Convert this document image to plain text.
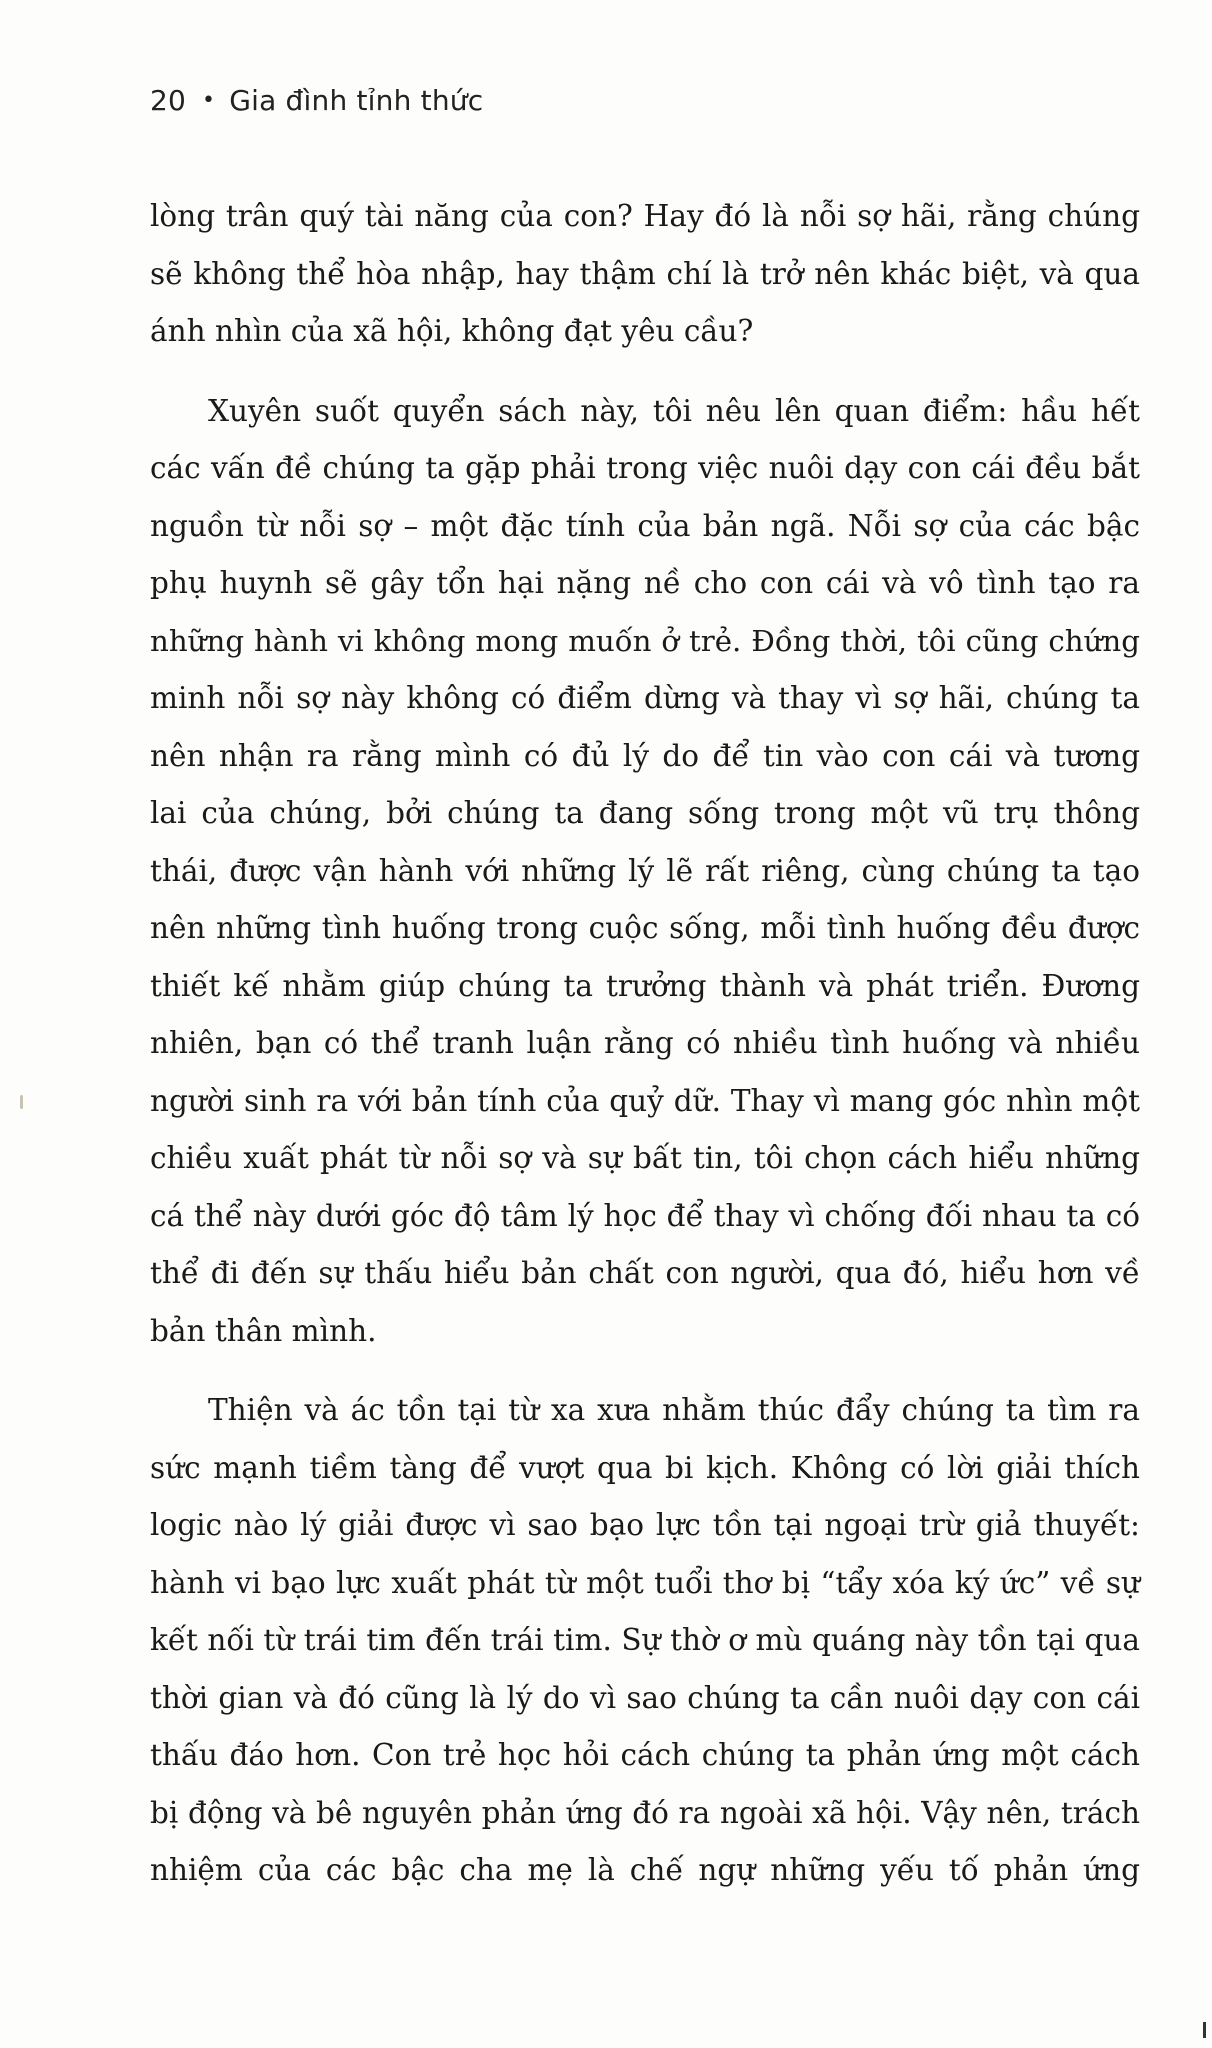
20 • Gia đình tỉnh thức

lòng trân quý tài năng của con? Hay đó là nỗi sợ hãi, rằng chúng
sẽ không thể hòa nhập, hay thậm chí là trở nên khác biệt, và qua
ánh nhìn của xã hội, không đạt yêu cầu?

Xuyên suốt quyển sách này, tôi nêu lên quan điểm: hầu hết
các vấn đề chúng ta gặp phải trong việc nuôi dạy con cái đều bắt
nguồn từ nỗi sợ – một đặc tính của bản ngã. Nỗi sợ của các bậc
phụ huynh sẽ gây tổn hại nặng nề cho con cái và vô tình tạo ra
những hành vi không mong muốn ở trẻ. Đồng thời, tôi cũng chứng
minh nỗi sợ này không có điểm dừng và thay vì sợ hãi, chúng ta
nên nhận ra rằng mình có đủ lý do để tin vào con cái và tương
lai của chúng, bởi chúng ta đang sống trong một vũ trụ thông
thái, được vận hành với những lý lẽ rất riêng, cùng chúng ta tạo
nên những tình huống trong cuộc sống, mỗi tình huống đều được
thiết kế nhằm giúp chúng ta trưởng thành và phát triển. Đương
nhiên, bạn có thể tranh luận rằng có nhiều tình huống và nhiều
người sinh ra với bản tính của quỷ dữ. Thay vì mang góc nhìn một
chiều xuất phát từ nỗi sợ và sự bất tin, tôi chọn cách hiểu những
cá thể này dưới góc độ tâm lý học để thay vì chống đối nhau ta có
thể đi đến sự thấu hiểu bản chất con người, qua đó, hiểu hơn về
bản thân mình.

Thiện và ác tồn tại từ xa xưa nhằm thúc đẩy chúng ta tìm ra
sức mạnh tiềm tàng để vượt qua bi kịch. Không có lời giải thích
logic nào lý giải được vì sao bạo lực tồn tại ngoại trừ giả thuyết:
hành vi bạo lực xuất phát từ một tuổi thơ bị “tẩy xóa ký ức” về sự
kết nối từ trái tim đến trái tim. Sự thờ ơ mù quáng này tồn tại qua
thời gian và đó cũng là lý do vì sao chúng ta cần nuôi dạy con cái
thấu đáo hơn. Con trẻ học hỏi cách chúng ta phản ứng một cách
bị động và bê nguyên phản ứng đó ra ngoài xã hội. Vậy nên, trách
nhiệm của các bậc cha mẹ là chế ngự những yếu tố phản ứng
